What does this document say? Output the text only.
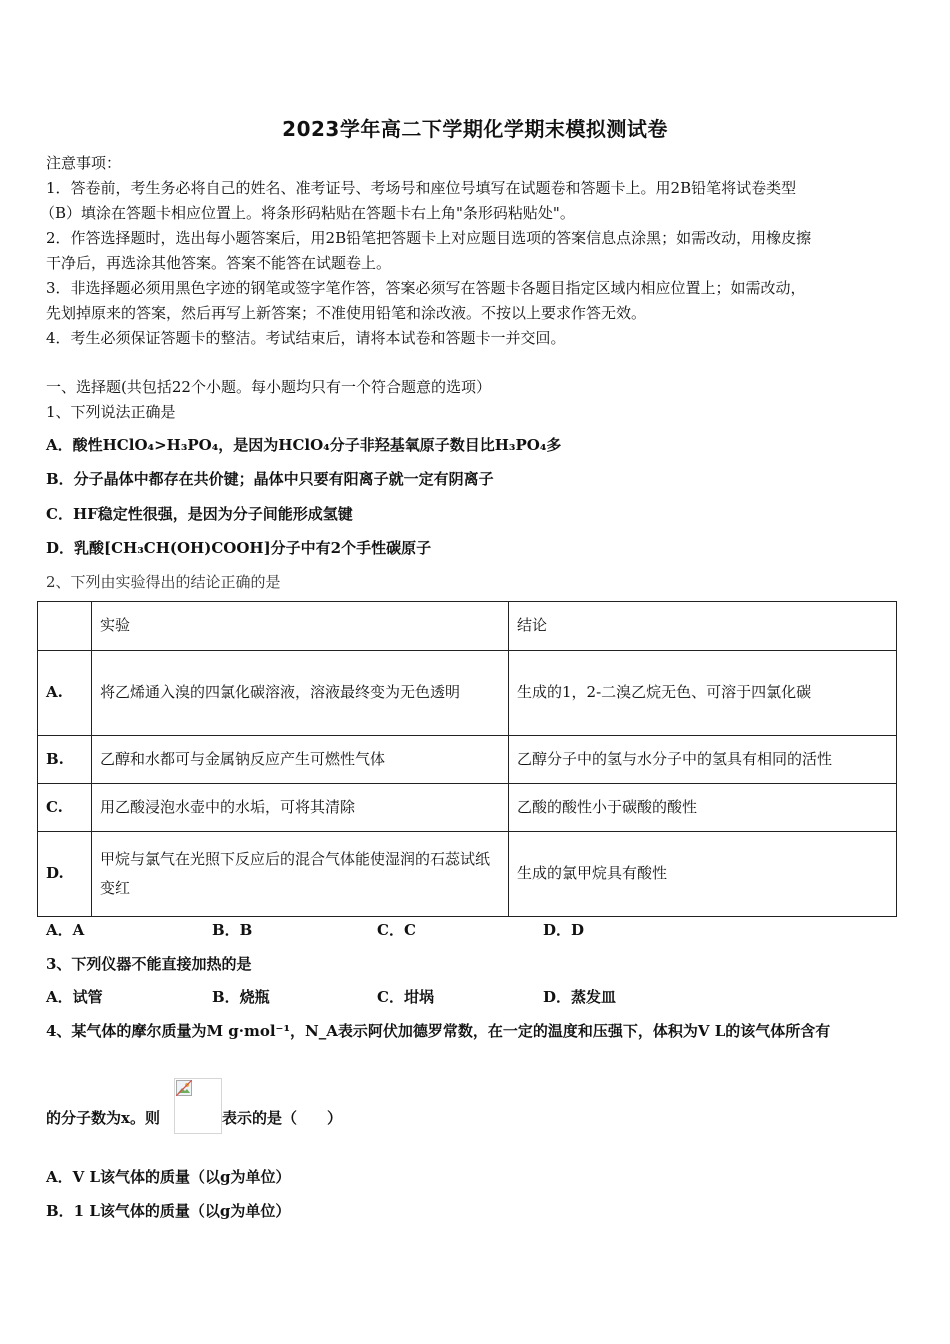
2023学年高二下学期化学期末模拟测试卷
注意事项：
1．答卷前，考生务必将自己的姓名、准考证号、考场号和座位号填写在试题卷和答题卡上。用2B铅笔将试卷类型
（B）填涂在答题卡相应位置上。将条形码粘贴在答题卡右上角"条形码粘贴处"。
2．作答选择题时，选出每小题答案后，用2B铅笔把答题卡上对应题目选项的答案信息点涂黑；如需改动，用橡皮擦
干净后，再选涂其他答案。答案不能答在试题卷上。
3．非选择题必须用黑色字迹的钢笔或签字笔作答，答案必须写在答题卡各题目指定区域内相应位置上；如需改动，
先划掉原来的答案，然后再写上新答案；不准使用铅笔和涂改液。不按以上要求作答无效。
4．考生必须保证答题卡的整洁。考试结束后，请将本试卷和答题卡一并交回。
一、选择题(共包括22个小题。每小题均只有一个符合题意的选项）
1、下列说法正确是
A．酸性HClO₄>H₃PO₄，是因为HClO₄分子非羟基氧原子数目比H₃PO₄多
B．分子晶体中都存在共价键；晶体中只要有阳离子就一定有阴离子
C．HF稳定性很强，是因为分子间能形成氢键
D．乳酸[CH₃CH(OH)COOH]分子中有2个手性碳原子
2、下列由实验得出的结论正确的是
	实验	结论
A.	将乙烯通入溴的四氯化碳溶液，溶液最终变为无色透明	生成的1，2-二溴乙烷无色、可溶于四氯化碳
B.	乙醇和水都可与金属钠反应产生可燃性气体	乙醇分子中的氢与水分子中的氢具有相同的活性
C.	用乙酸浸泡水壶中的水垢，可将其清除	乙酸的酸性小于碳酸的酸性
D.	甲烷与氯气在光照下反应后的混合气体能使湿润的石蕊试纸变红	生成的氯甲烷具有酸性
A．A	B．B	C．C	D．D
3、下列仪器不能直接加热的是
A．试管	B．烧瓶	C．坩埚	D．蒸发皿
4、某气体的摩尔质量为M g·mol⁻¹，N_A表示阿伏加德罗常数，在一定的温度和压强下，体积为V L的该气体所含有
的分子数为x。则	表示的是（　　）
A．V L该气体的质量（以g为单位）
B．1 L该气体的质量（以g为单位）
